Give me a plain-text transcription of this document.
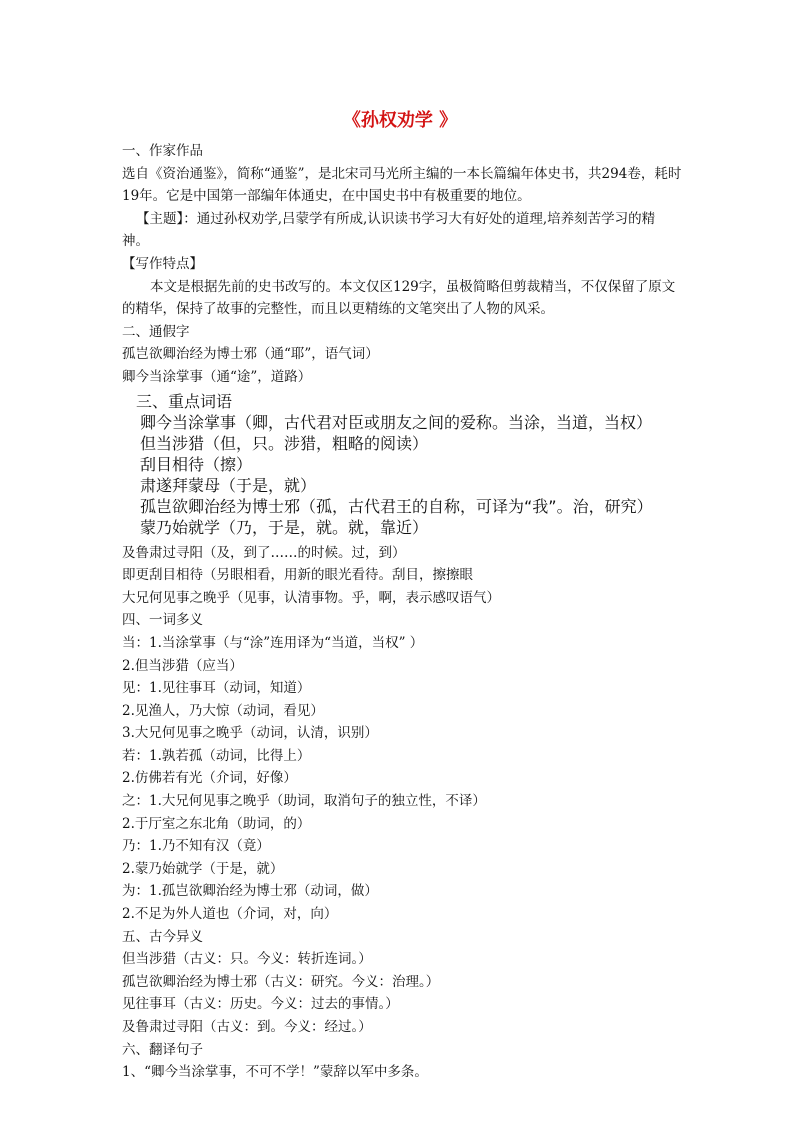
《孙权劝学 》
一、作家作品
选自《资治通鉴》，简称“通鉴”，是北宋司马光所主编的一本长篇编年体史书，共294卷，耗时19年。它是中国第一部编年体通史，在中国史书中有极重要的地位。
【主题】：通过孙权劝学,吕蒙学有所成,认识读书学习大有好处的道理,培养刻苦学习的精神。
【写作特点】
本文是根据先前的史书改写的。本文仅区129字，虽极简略但剪裁精当，不仅保留了原文的精华，保持了故事的完整性，而且以更精练的文笔突出了人物的风采。
二、通假字
孤岂欲卿治经为博士邪（通“耶”，语气词）
卿今当涂掌事（通“途”，道路）
三、重点词语
卿今当涂掌事（卿，古代君对臣或朋友之间的爱称。当涂，当道，当权）
但当涉猎（但，只。涉猎，粗略的阅读）
刮目相待（擦）
肃遂拜蒙母（于是，就）
孤岂欲卿治经为博士邪（孤，古代君王的自称，可译为“我”。治，研究）
蒙乃始就学（乃，于是，就。就，靠近）
及鲁肃过寻阳（及，到了……的时候。过，到）
即更刮目相待（另眼相看，用新的眼光看待。刮目，擦擦眼
大兄何见事之晚乎（见事，认清事物。乎，啊，表示感叹语气）
四、一词多义
当：1.当涂掌事（与“涂”连用译为“当道，当权” ）
2.但当涉猎（应当）
见：1.见往事耳（动词，知道）
2.见渔人，乃大惊（动词，看见）
3.大兄何见事之晚乎（动词，认清，识别）
若：1.孰若孤（动词，比得上）
2.仿佛若有光（介词，好像）
之：1.大兄何见事之晚乎（助词，取消句子的独立性，不译）
2.于厅室之东北角（助词，的）
乃：1.乃不知有汉（竟）
2.蒙乃始就学（于是，就）
为：1.孤岂欲卿治经为博士邪（动词，做）
2.不足为外人道也（介词，对，向）
五、古今异义
但当涉猎（古义：只。今义：转折连词。）
孤岂欲卿治经为博士邪（古义：研究。今义：治理。）
见往事耳（古义：历史。今义：过去的事情。）
及鲁肃过寻阳（古义：到。今义：经过。）
六、翻译句子
1、“卿今当涂掌事，不可不学！”蒙辞以军中多条。
